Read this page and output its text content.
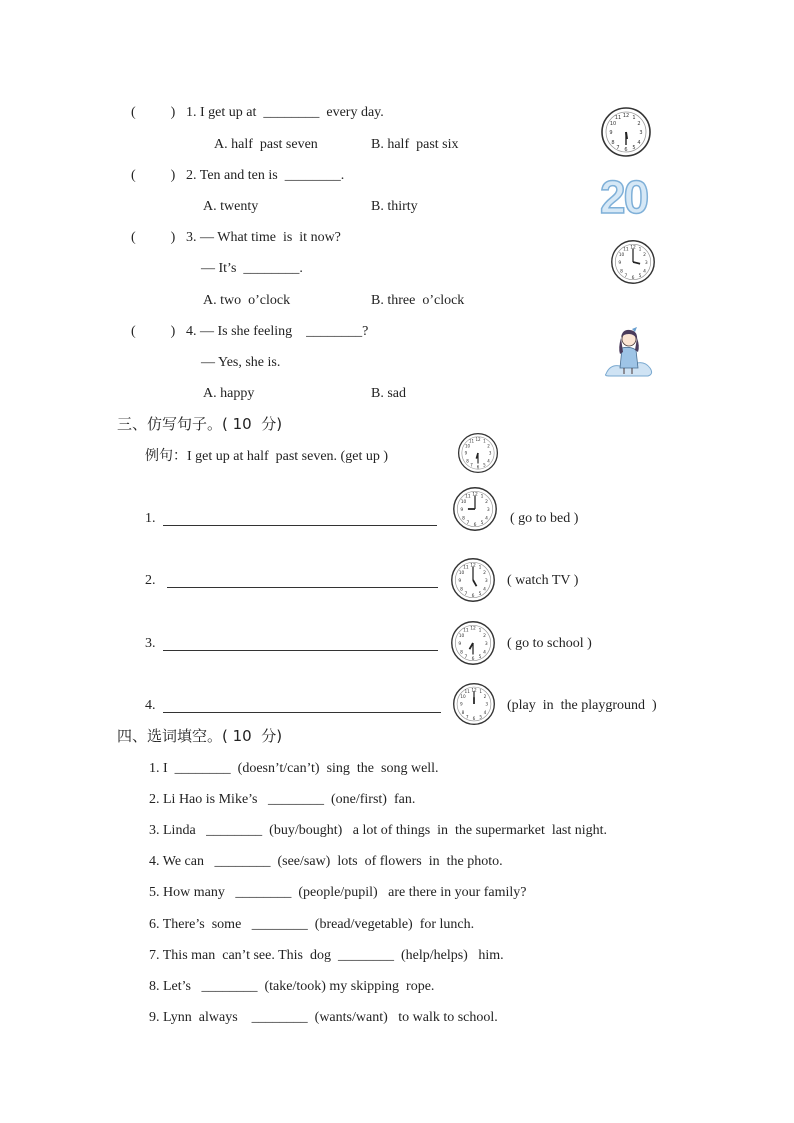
(          ) 1. I get up at  ________  every day.
A. half  past seven	B. half  past six
(          ) 2. Ten and ten is  ________.
A. twenty	B. thirty
(          ) 3. — What time  is  it now?
— It’s  ________.
A. two  o’clock	B. three  o’clock
(          ) 4. — Is she feeling    ________?
— Yes, she is.
A. happy	B. sad
12
3
6
9
1
2
4
5
7
8
10
11
20
12
3
6
9
1
2
4
5
7
8
10
11
三、仿写句子。( 10  分)
例句：I get up at half  past seven. (get up )
12
3
6
9
1
2
4
5
7
8
10
11
1.
12
3
6
9
1
2
4
5
7
8
10
11
( go to bed )
2.
12
3
6
9
1
2
4
5
7
8
10
11
( watch TV )
3.
12
3
6
9
1
2
4
5
7
8
10
11
( go to school )
4.
12
3
6
9
1
2
4
5
7
8
10
11
(play  in  the playground  )
四、选词填空。( 10  分)
1. I  ________  (doesn’t/can’t)  sing  the  song well.
2. Li Hao is Mike’s   ________  (one/first)  fan.
3. Linda   ________  (buy/bought)   a lot of things  in  the supermarket  last night.
4. We can   ________  (see/saw)  lots  of flowers  in  the photo.
5. How many   ________  (people/pupil)   are there in your family?
6. There’s  some   ________  (bread/vegetable)  for lunch.
7. This man  can’t see. This  dog  ________  (help/helps)   him.
8. Let’s   ________  (take/took) my skipping  rope.
9. Lynn  always    ________  (wants/want)   to walk to school.
